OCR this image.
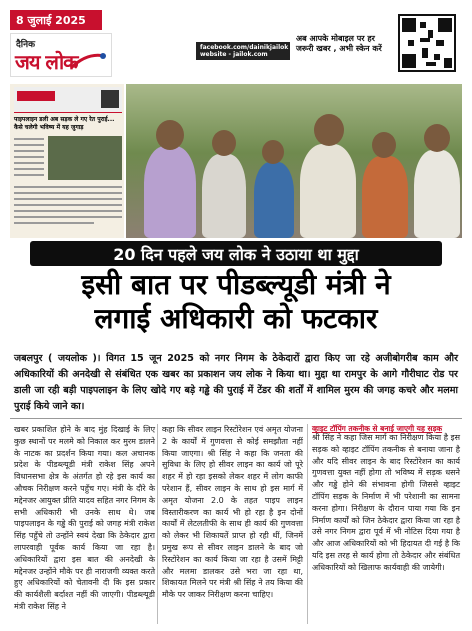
8 जुलाई 2025
दैनिक
जय लोक
facebook.com/dainikjailok
website - jailok.com
अब आपके मोबाइल पर हर
जरूरी खबर , अभी स्केन करें
पाइपलाइन डली अब सड़क ले गए रेत पुराई... कैसे चलेगी भविष्य में यह जुगाड़
20 दिन पहले जय लोक ने उठाया था मुद्दा
इसी बात पर पीडब्ल्यूडी मंत्री ने
लगाई अधिकारी को फटकार
जबलपुर ( जयलोक )। विगत 15 जून 2025 को नगर निगम के ठेकेदारों द्वारा किए जा रहे अजीबोगरीब काम और अधिकारियों की अनदेखी से संबंधित एक खबर का प्रकाशन जय लोक ने किया था। मुद्दा था रामपुर के आगे गौरीघाट रोड पर डाली जा रही बड़ी पाइपलाइन के लिए खोदे गए बड़े गड्ढे की पुराई में टेंडर की शर्तों में शामिल मुरम की जगह कचरे और मलमा पुराई किये जाने का।
खबर प्रकाशित होने के बाद मुंह दिखाई के लिए कुछ स्थानों पर मलमे को निकाल कर मुरम डालने के नाटक का प्रदर्शन किया गया। कल अचानक प्रदेश के पीडब्ल्यूडी मंत्री राकेश सिंह अपने विधानसभा क्षेत्र के अंतर्गत हो रहे इस कार्य का औचक निरीक्षण करने पहुँच गए। मंत्री के दौरे के मद्देनजर आयुक्त प्रीति यादव सहित नगर निगम के सभी अधिकारी भी उनके साथ थे। जब पाइपलाइन के गड्ढे की पुराई को जगह मंत्री राकेश सिंह पहुँचे तो उन्होंने स्वयं देखा कि ठेकेदार द्वारा लापरवाही पूर्वक कार्य किया जा रहा है। अधिकारियों द्वारा इस बात की अनदेखी के मद्देनजर उन्होंने मौके पर ही नाराजगी व्यक्त करते हुए अधिकारियों को चेतावनी दी कि इस प्रकार की कार्यशैली बर्दाश्त नहीं की जाएगी। पीडब्ल्यूडी मंत्री राकेश सिंह ने
कहा कि सीवर लाइन रिस्टोरेशन एवं अमृत योजना 2 के कार्यों में गुणवत्ता से कोई समझौता नहीं किया जाएगा। श्री सिंह ने कहा कि जनता की सुविधा के लिए हो सीवर लाइन का कार्य जो पूरे शहर में हो रहा इसको लेकर शहर में लोग काफी परेशान हैं, सीवर लाइन के साथ हो इस मार्ग में अमृत योजना 2.0 के तहत पाइप लाइन विस्तारीकरण का कार्य भी हो रहा है इन दोनों कार्यों में लेटलतीफी के साथ ही कार्य की गुणवत्ता को लेकर भी शिकायतें प्राप्त हो रही थीं, जिनमें प्रमुख रूप से सीवर लाइन डालने के बाद जो रिस्टोरेशन का कार्य किया जा रहा है उसमें मिट्टी और मलमा डालकर उसे भरा जा रहा था, शिकायत मिलने पर मंत्री श्री सिंह ने तय किया की मौके पर जाकर निरीक्षण करना चाहिए।
व्हाइट टॉपिंग तकनीक से बनाई जाएगी यह सड़क
श्री सिंह ने कहा जिस मार्ग का निरीक्षण किया है इस सड़क को व्हाइट टॉपिंग तकनीक से बनाया जाना है और यदि सीवर लाइन के बाद रिस्टोरेशन का कार्य गुणवत्ता युक्त नहीं होगा तो भविष्य में सड़क धसने और गड्ढे होने की संभावना होगी जिससे व्हाइट टॉपिंग सड़क के निर्माण में भी परेशानी का सामना करना होगा। निरीक्षण के दौरान पाया गया कि इन निर्माण कार्यों को जिन ठेकेदार द्वारा किया जा रहा है उसे नगर निगम द्वारा पूर्व में भी नोटिस दिया गया है और आज अधिकारियों को भी हिदायत दी गई है कि यदि इस तरह से कार्य होगा तो ठेकेदार और संबंधित अधिकारियों को खिलाफ कार्यवाही की जायेगी।
